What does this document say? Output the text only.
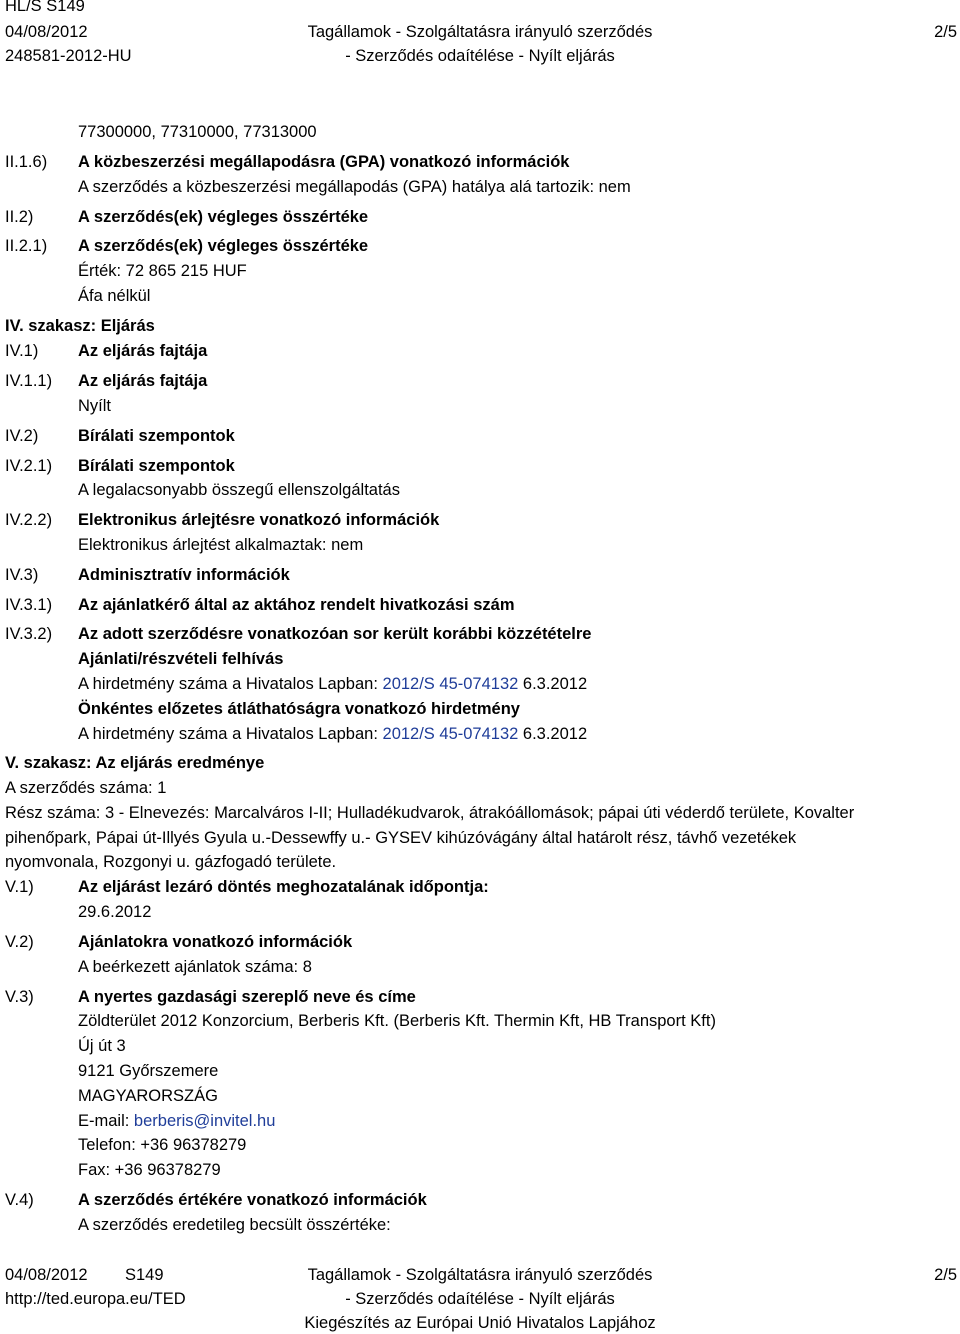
HL/S S149
04/08/2012
248581-2012-HU
Tagállamok - Szolgáltatásra irányuló szerződés
- Szerződés odaítélése - Nyílt eljárás
2/5
77300000, 77310000, 77313000
II.1.6) A közbeszerzési megállapodásra (GPA) vonatkozó információk
A szerződés a közbeszerzési megállapodás (GPA) hatálya alá tartozik: nem
II.2)	A szerződés(ek) végleges összértéke
II.2.1) A szerződés(ek) végleges összértéke
Érték: 72 865 215 HUF
Áfa nélkül
IV. szakasz: Eljárás
IV.1) Az eljárás fajtája
IV.1.1) Az eljárás fajtája
Nyílt
IV.2) Bírálati szempontok
IV.2.1) Bírálati szempontok
A legalacsonyabb összegű ellenszolgáltatás
IV.2.2) Elektronikus árlejtésre vonatkozó információk
Elektronikus árlejtést alkalmaztak: nem
IV.3) Adminisztratív információk
IV.3.1) Az ajánlatkérő által az aktához rendelt hivatkozási szám
IV.3.2) Az adott szerződésre vonatkozóan sor került korábbi közzétételre
Ajánlati/részvételi felhívás
A hirdetmény száma a Hivatalos Lapban: 2012/S 45-074132 6.3.2012
Önkéntes előzetes átláthatóságra vonatkozó hirdetmény
A hirdetmény száma a Hivatalos Lapban: 2012/S 45-074132 6.3.2012
V. szakasz: Az eljárás eredménye
A szerződés száma: 1
Rész száma: 3 - Elnevezés: Marcalváros I-II; Hulladékudvarok, átrakóállomások; pápai úti véderdő területe, Kovalter
pihenőpark, Pápai út-Illyés Gyula u.-Dessewffy u.- GYSEV kihúzóvágány által határolt rész, távhő vezetékek
nyomvonala, Rozgonyi u. gázfogadó területe.
V.1)	Az eljárást lezáró döntés meghozatalának időpontja:
29.6.2012
V.2)	Ajánlatokra vonatkozó információk
A beérkezett ajánlatok száma: 8
V.3)	A nyertes gazdasági szereplő neve és címe
Zöldterület 2012 Konzorcium, Berberis Kft. (Berberis Kft. Thermin Kft, HB Transport Kft)
Új út 3
9121 Győrszemere
MAGYARORSZÁG
E-mail: berberis@invitel.hu
Telefon: +36 96378279
Fax: +36 96378279
V.4)	A szerződés értékére vonatkozó információk
A szerződés eredetileg becsült összértéke:
04/08/2012 S149
http://ted.europa.eu/TED
Tagállamok - Szolgáltatásra irányuló szerződés
- Szerződés odaítélése - Nyílt eljárás
Kiegészítés az Európai Unió Hivatalos Lapjához
2/5
